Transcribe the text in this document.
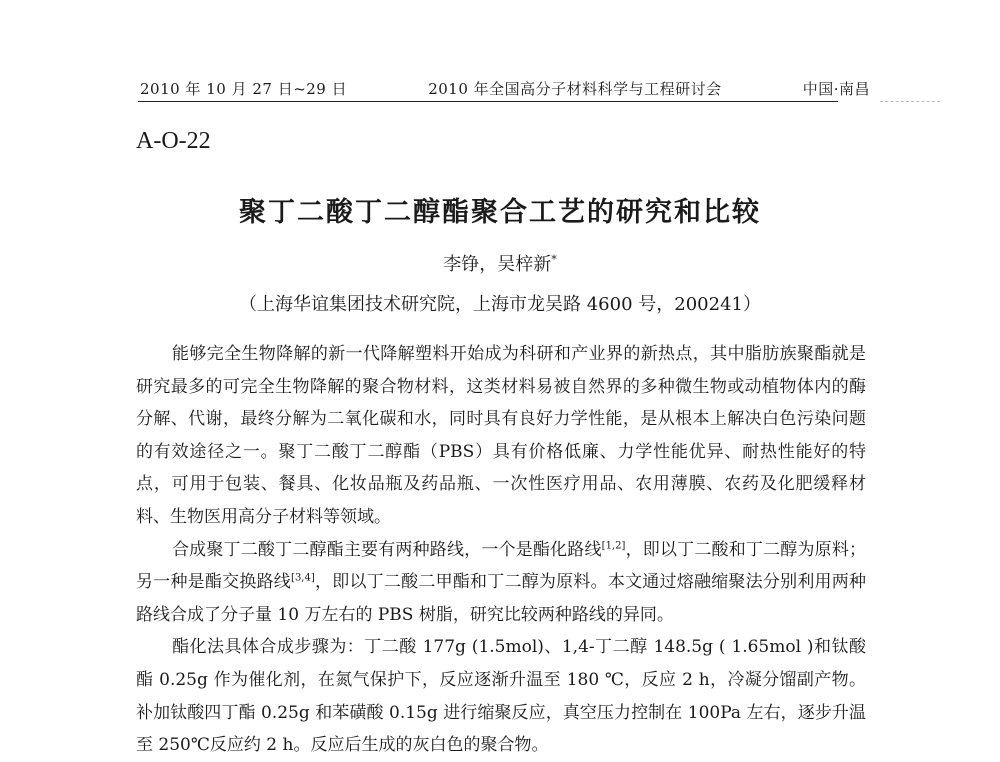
2010 年 10 月 27 日~29 日	2010 年全国高分子材料科学与工程研讨会	中国·南昌
A-O-22
聚丁二酸丁二醇酯聚合工艺的研究和比较
李铮，吴梓新*
（上海华谊集团技术研究院，上海市龙吴路 4600 号，200241）

能够完全生物降解的新一代降解塑料开始成为科研和产业界的新热点，其中脂肪族聚酯就是研究最多的可完全生物降解的聚合物材料，这类材料易被自然界的多种微生物或动植物体内的酶分解、代谢，最终分解为二氧化碳和水，同时具有良好力学性能，是从根本上解决白色污染问题的有效途径之一。聚丁二酸丁二醇酯（PBS）具有价格低廉、力学性能优异、耐热性能好的特点，可用于包装、餐具、化妆品瓶及药品瓶、一次性医疗用品、农用薄膜、农药及化肥缓释材料、生物医用高分子材料等领域。

合成聚丁二酸丁二醇酯主要有两种路线，一个是酯化路线[1,2]，即以丁二酸和丁二醇为原料；另一种是酯交换路线[3,4]，即以丁二酸二甲酯和丁二醇为原料。本文通过熔融缩聚法分别利用两种路线合成了分子量 10 万左右的 PBS 树脂，研究比较两种路线的异同。

酯化法具体合成步骤为：丁二酸 177g (1.5mol)、1,4-丁二醇 148.5g ( 1.65mol )和钛酸酯 0.25g 作为催化剂，在氮气保护下，反应逐渐升温至 180 ℃，反应 2 h，冷凝分馏副产物。补加钛酸四丁酯 0.25g 和苯磺酸 0.15g 进行缩聚反应，真空压力控制在 100Pa 左右，逐步升温至 250℃反应约 2 h。反应后生成的灰白色的聚合物。
